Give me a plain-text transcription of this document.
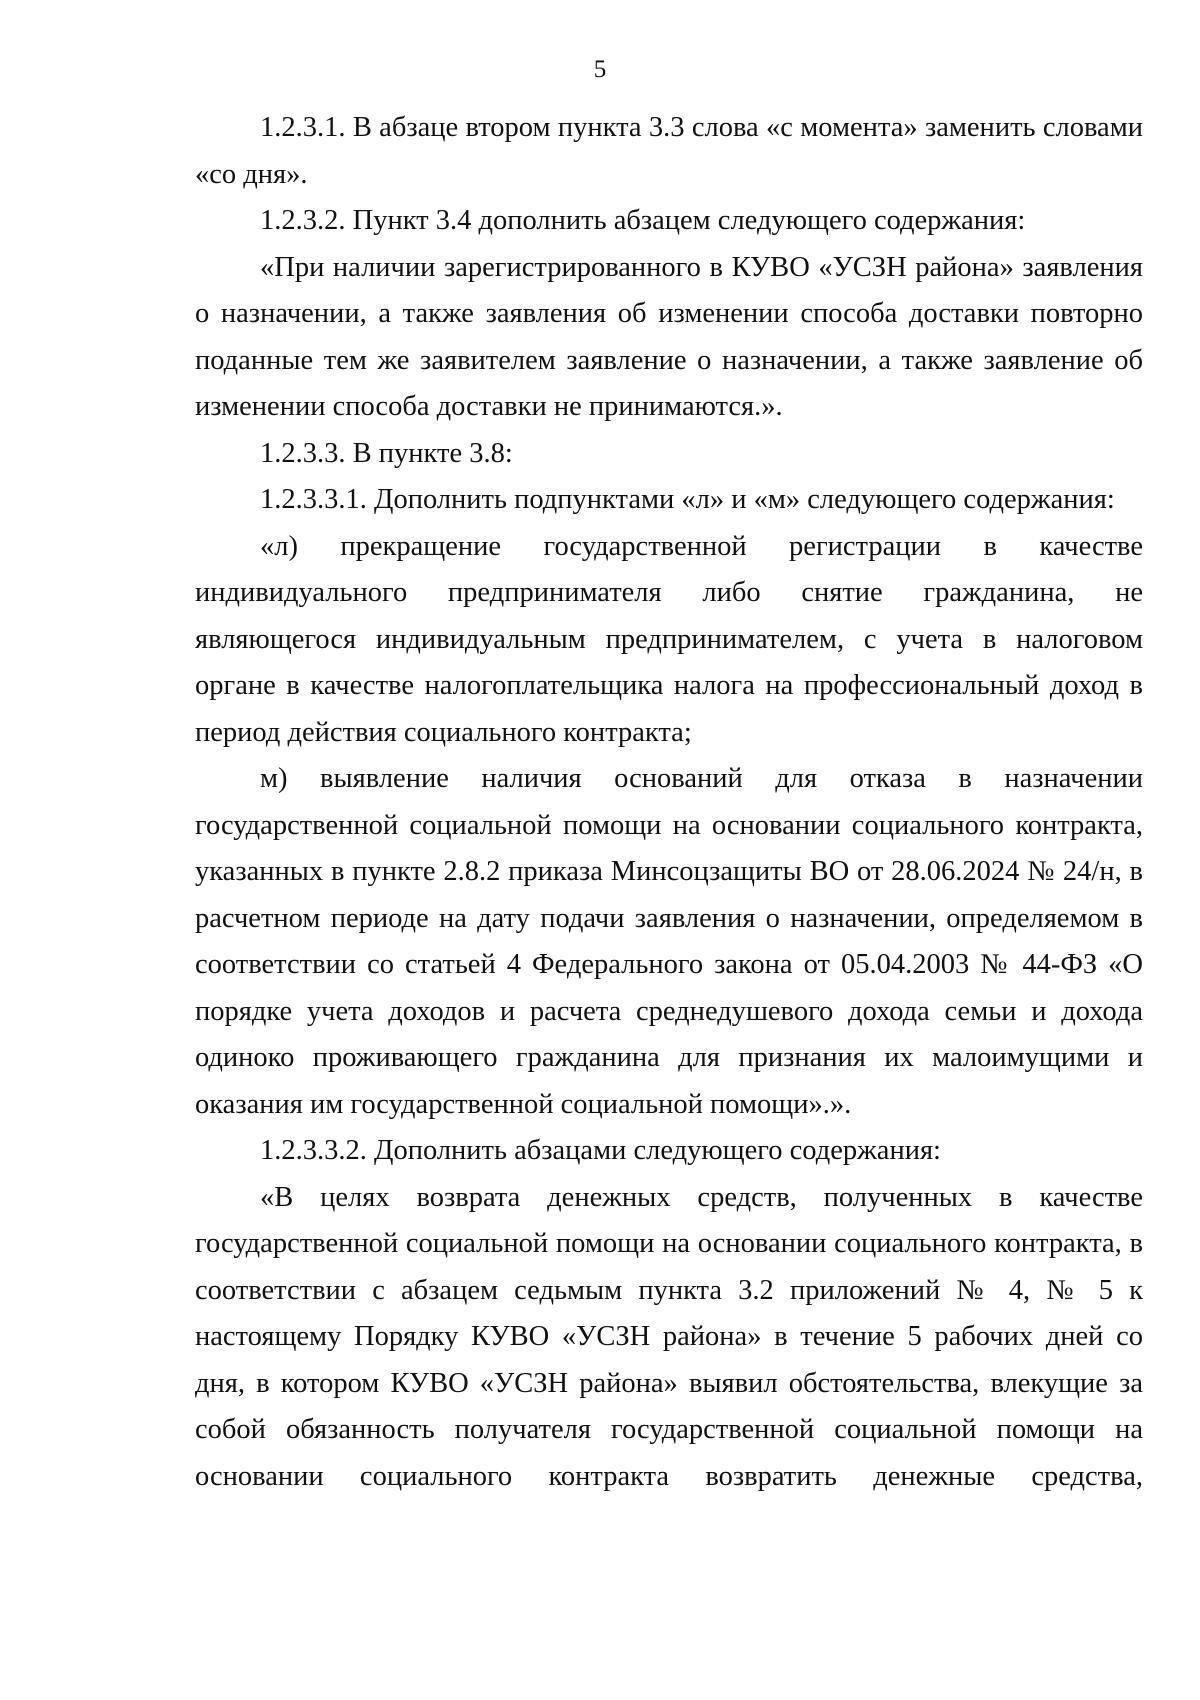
5

1.2.3.1. В абзаце втором пункта 3.3 слова «с момента» заменить словами «со дня».

1.2.3.2. Пункт 3.4 дополнить абзацем следующего содержания:

«При наличии зарегистрированного в КУВО «УСЗН района» заявления о назначении, а также заявления об изменении способа доставки повторно поданные тем же заявителем заявление о назначении, а также заявление об изменении способа доставки не принимаются.».

1.2.3.3. В пункте 3.8:

1.2.3.3.1. Дополнить подпунктами «л» и «м» следующего содержания:

«л) прекращение государственной регистрации в качестве индивидуального предпринимателя либо снятие гражданина, не являющегося индивидуальным предпринимателем, с учета в налоговом органе в качестве налогоплательщика налога на профессиональный доход в период действия социального контракта;

м) выявление наличия оснований для отказа в назначении государственной социальной помощи на основании социального контракта, указанных в пункте 2.8.2 приказа Минсоцзащиты ВО от 28.06.2024 № 24/н, в расчетном периоде на дату подачи заявления о назначении, определяемом в соответствии со статьей 4 Федерального закона от 05.04.2003 № 44-ФЗ «О порядке учета доходов и расчета среднедушевого дохода семьи и дохода одиноко проживающего гражданина для признания их малоимущими и оказания им государственной социальной помощи».».

1.2.3.3.2. Дополнить абзацами следующего содержания:

«В целях возврата денежных средств, полученных в качестве государственной социальной помощи на основании социального контракта, в соответствии с абзацем седьмым пункта 3.2 приложений № 4, № 5 к настоящему Порядку КУВО «УСЗН района» в течение 5 рабочих дней со дня, в котором КУВО «УСЗН района» выявил обстоятельства, влекущие за собой обязанность получателя государственной социальной помощи на основании социального контракта возвратить денежные средства,
